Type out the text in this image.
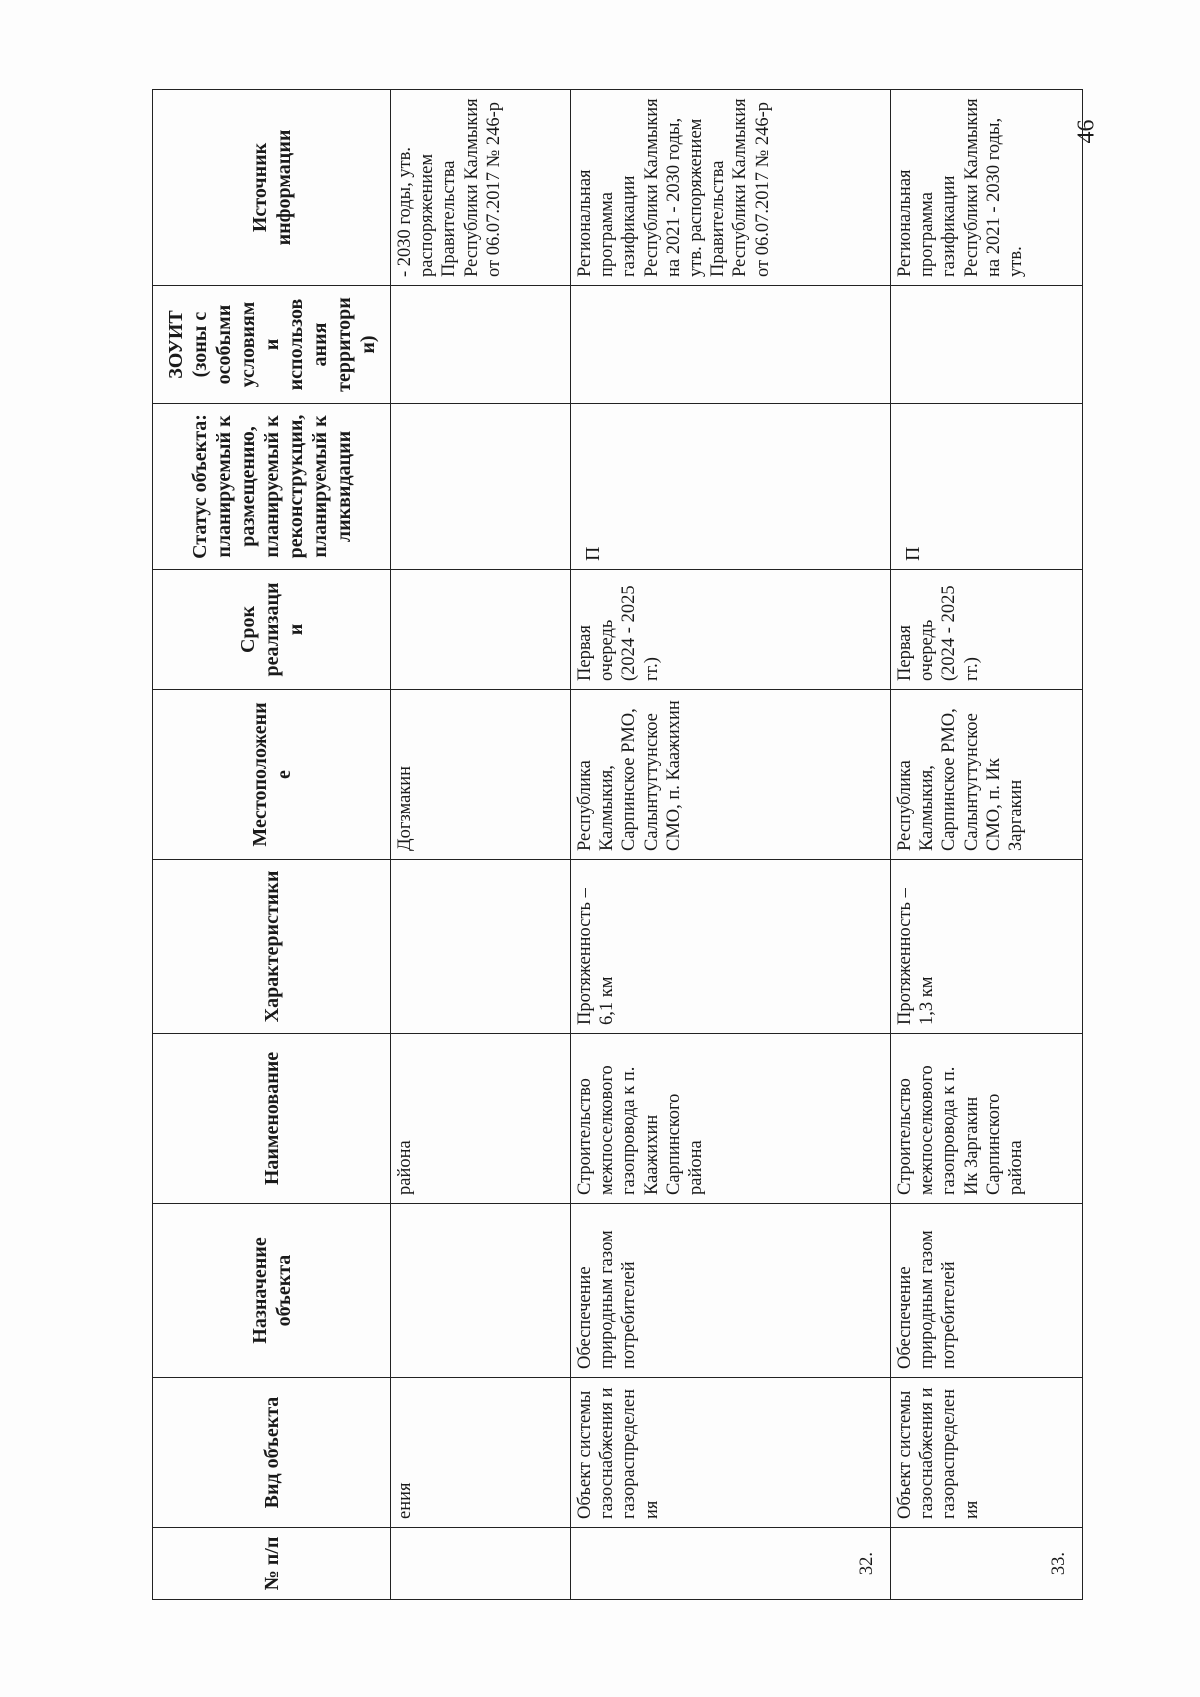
46
№ п/п	Вид объекта	Назначение объекта	Наименование	Характеристики	Местоположение	Срок реализации	Статус объекта: планируемый к размещению, планируемый к реконструкции, планируемый к ликвидации	ЗОУИТ (зоны с особыми условиям и использования территории)	Источник информации
	ения		района		Догзмакин				- 2030 годы, утв. распоряжением Правительства Республики Калмыкия от 06.07.2017 № 246-р
32.	Объект системы газоснабжения и газораспределения	Обеспечение природным газом потребителей	Строительство межпоселкового газопровода к п. Каажихин Сарпинского района	Протяженность – 6,1 км	Республика Калмыкия, Сарпинское РМО, Салынтугтунское СМО, п. Каажихин	Первая очередь (2024 - 2025 гг.)	П		Региональная программа газификации Республики Калмыкия на 2021 - 2030 годы, утв. распоряжением Правительства Республики Калмыкия от 06.07.2017 № 246-р
33.	Объект системы газоснабжения и газораспределения	Обеспечение природным газом потребителей	Строительство межпоселкового газопровода к п. Ик Заргакин Сарпинского района	Протяженность – 1,3 км	Республика Калмыкия, Сарпинское РМО, Салынтугтунское СМО, п. Ик Заргакин	Первая очередь (2024 - 2025 гг.)	П		Региональная программа газификации Республики Калмыкия на 2021 - 2030 годы, утв.
